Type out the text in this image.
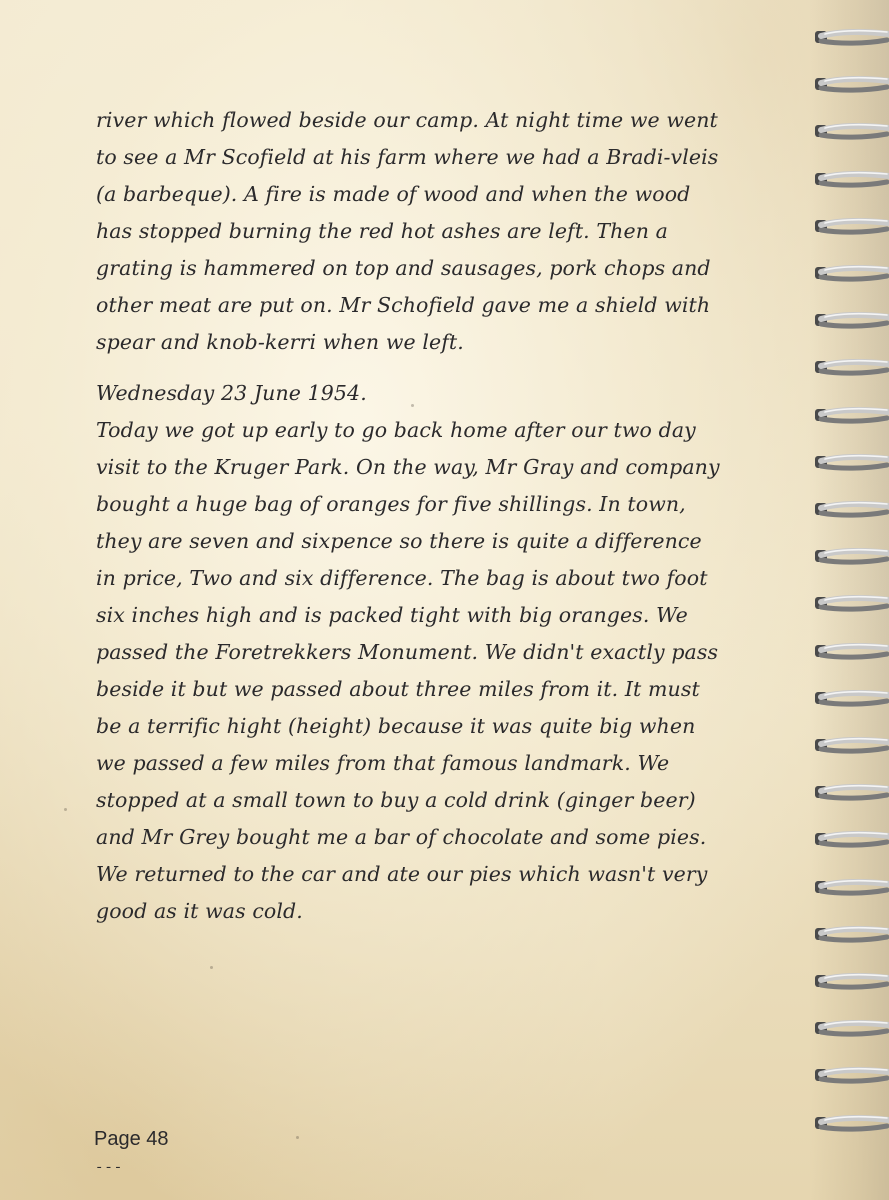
river which flowed beside our camp. At night time we went
to see a Mr Scofield at his farm where we had a Bradi-vleis
(a barbeque). A fire is made of wood and when the wood
has stopped burning the red hot ashes are left. Then a
grating is hammered on top and sausages, pork chops and
other meat are put on. Mr Schofield gave me a shield with
spear and knob-kerri when we left.

Wednesday 23 June 1954.
Today we got up early to go back home after our two day
visit to the Kruger Park. On the way, Mr Gray and company
bought a huge bag of oranges for five shillings. In town,
they are seven and sixpence so there is quite a difference
in price, Two and six difference. The bag is about two foot
six inches high and is packed tight with big oranges. We
passed the Foretrekkers Monument. We didn't exactly pass
beside it but we passed about three miles from it. It must
be a terrific hight (height) because it was quite big when
we passed a few miles from that famous landmark. We
stopped at a small town to buy a cold drink (ginger beer)
and Mr Grey bought me a bar of chocolate and some pies.
We returned to the car and ate our pies which wasn't very
good as it was cold.

Page 48
---
